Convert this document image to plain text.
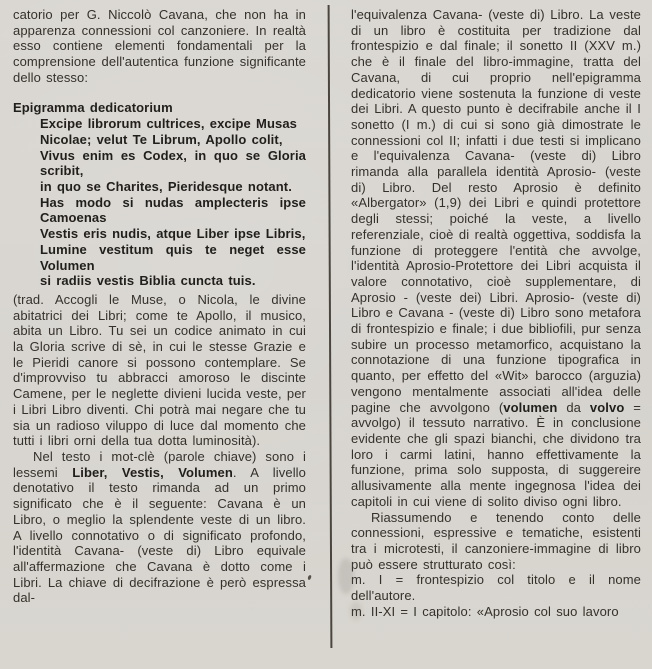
catorio per G. Niccolò Cavana, che non ha in apparenza connessioni col canzoniere. In realtà esso contiene elementi fondamentali per la comprensione dell'autentica funzione significante dello stesso:

Epigramma dedicatorium
Excipe librorum cultrices, excipe Musas
Nicolae; velut Te Librum, Apollo colit,
Vivus enim es Codex, in quo se Gloria scribit,
in quo se Charites, Pieridesque notant.
Has modo si nudas amplecteris ipse Camoenas
Vestis eris nudis, atque Liber ipse Libris,
Lumine vestitum quis te neget esse Volumen
si radiis vestis Biblia cuncta tuis.

(trad. Accogli le Muse, o Nicola, le divine abitatrici dei Libri; come te Apollo, il musico, abita un Libro. Tu sei un codice animato in cui la Gloria scrive di sè, in cui le stesse Grazie e le Pieridi canore si possono contemplare. Se d'improvviso tu abbracci amoroso le discinte Camene, per le neglette divieni lucida veste, per i Libri Libro diventi. Chi potrà mai negare che tu sia un radioso viluppo di luce dal momento che tutti i libri orni della tua dotta luminosità).

Nel testo i mot-clè (parole chiave) sono i lessemi Liber, Vestis, Volumen. A livello denotativo il testo rimanda ad un primo significato che è il seguente: Cavana è un Libro, o meglio la splendente veste di un libro. A livello connotativo o di significato profondo, l'identità Cavana- (veste di) Libro equivale all'affermazione che Cavana è dotto come i Libri. La chiave di decifrazione è però espressa dal-

l'equivalenza Cavana- (veste di) Libro. La veste di un libro è costituita per tradizione dal frontespizio e dal finale; il sonetto II (XXV m.) che è il finale del libro-immagine, tratta del Cavana, di cui proprio nell'epigramma dedicatorio viene sostenuta la funzione di veste dei Libri. A questo punto è decifrabile anche il I sonetto (I m.) di cui si sono già dimostrate le connessioni col II; infatti i due testi si implicano e l'equivalenza Cavana- (veste di) Libro rimanda alla parallela identità Aprosio- (veste di) Libro. Del resto Aprosio è definito «Albergator» (1,9) dei Libri e quindi protettore degli stessi; poiché la veste, a livello referenziale, cioè di realtà oggettiva, soddisfa la funzione di proteggere l'entità che avvolge, l'identità Aprosio-Protettore dei Libri acquista il valore connotativo, cioè supplementare, di Aprosio - (veste dei) Libri. Aprosio- (veste di) Libro e Cavana - (veste di) Libro sono metafora di frontespizio e finale; i due bibliofili, pur senza subire un processo metamorfico, acquistano la connotazione di una funzione tipografica in quanto, per effetto del «Wit» barocco (arguzia) vengono mentalmente associati all'idea delle pagine che avvolgono (volumen da volvo = avvolgo) il tessuto narrativo. È in conclusione evidente che gli spazi bianchi, che dividono tra loro i carmi latini, hanno effettivamente la funzione, prima solo supposta, di suggereire allusivamente alla mente ingegnosa l'idea dei capitoli in cui viene di solito diviso ogni libro.

Riassumendo e tenendo conto delle connessioni, espressive e tematiche, esistenti tra i microtesti, il canzoniere-immagine di libro può essere strutturato così:

m. I = frontespizio col titolo e il nome dell'autore.

m. II-XI = I capitolo: «Aprosio col suo lavoro
